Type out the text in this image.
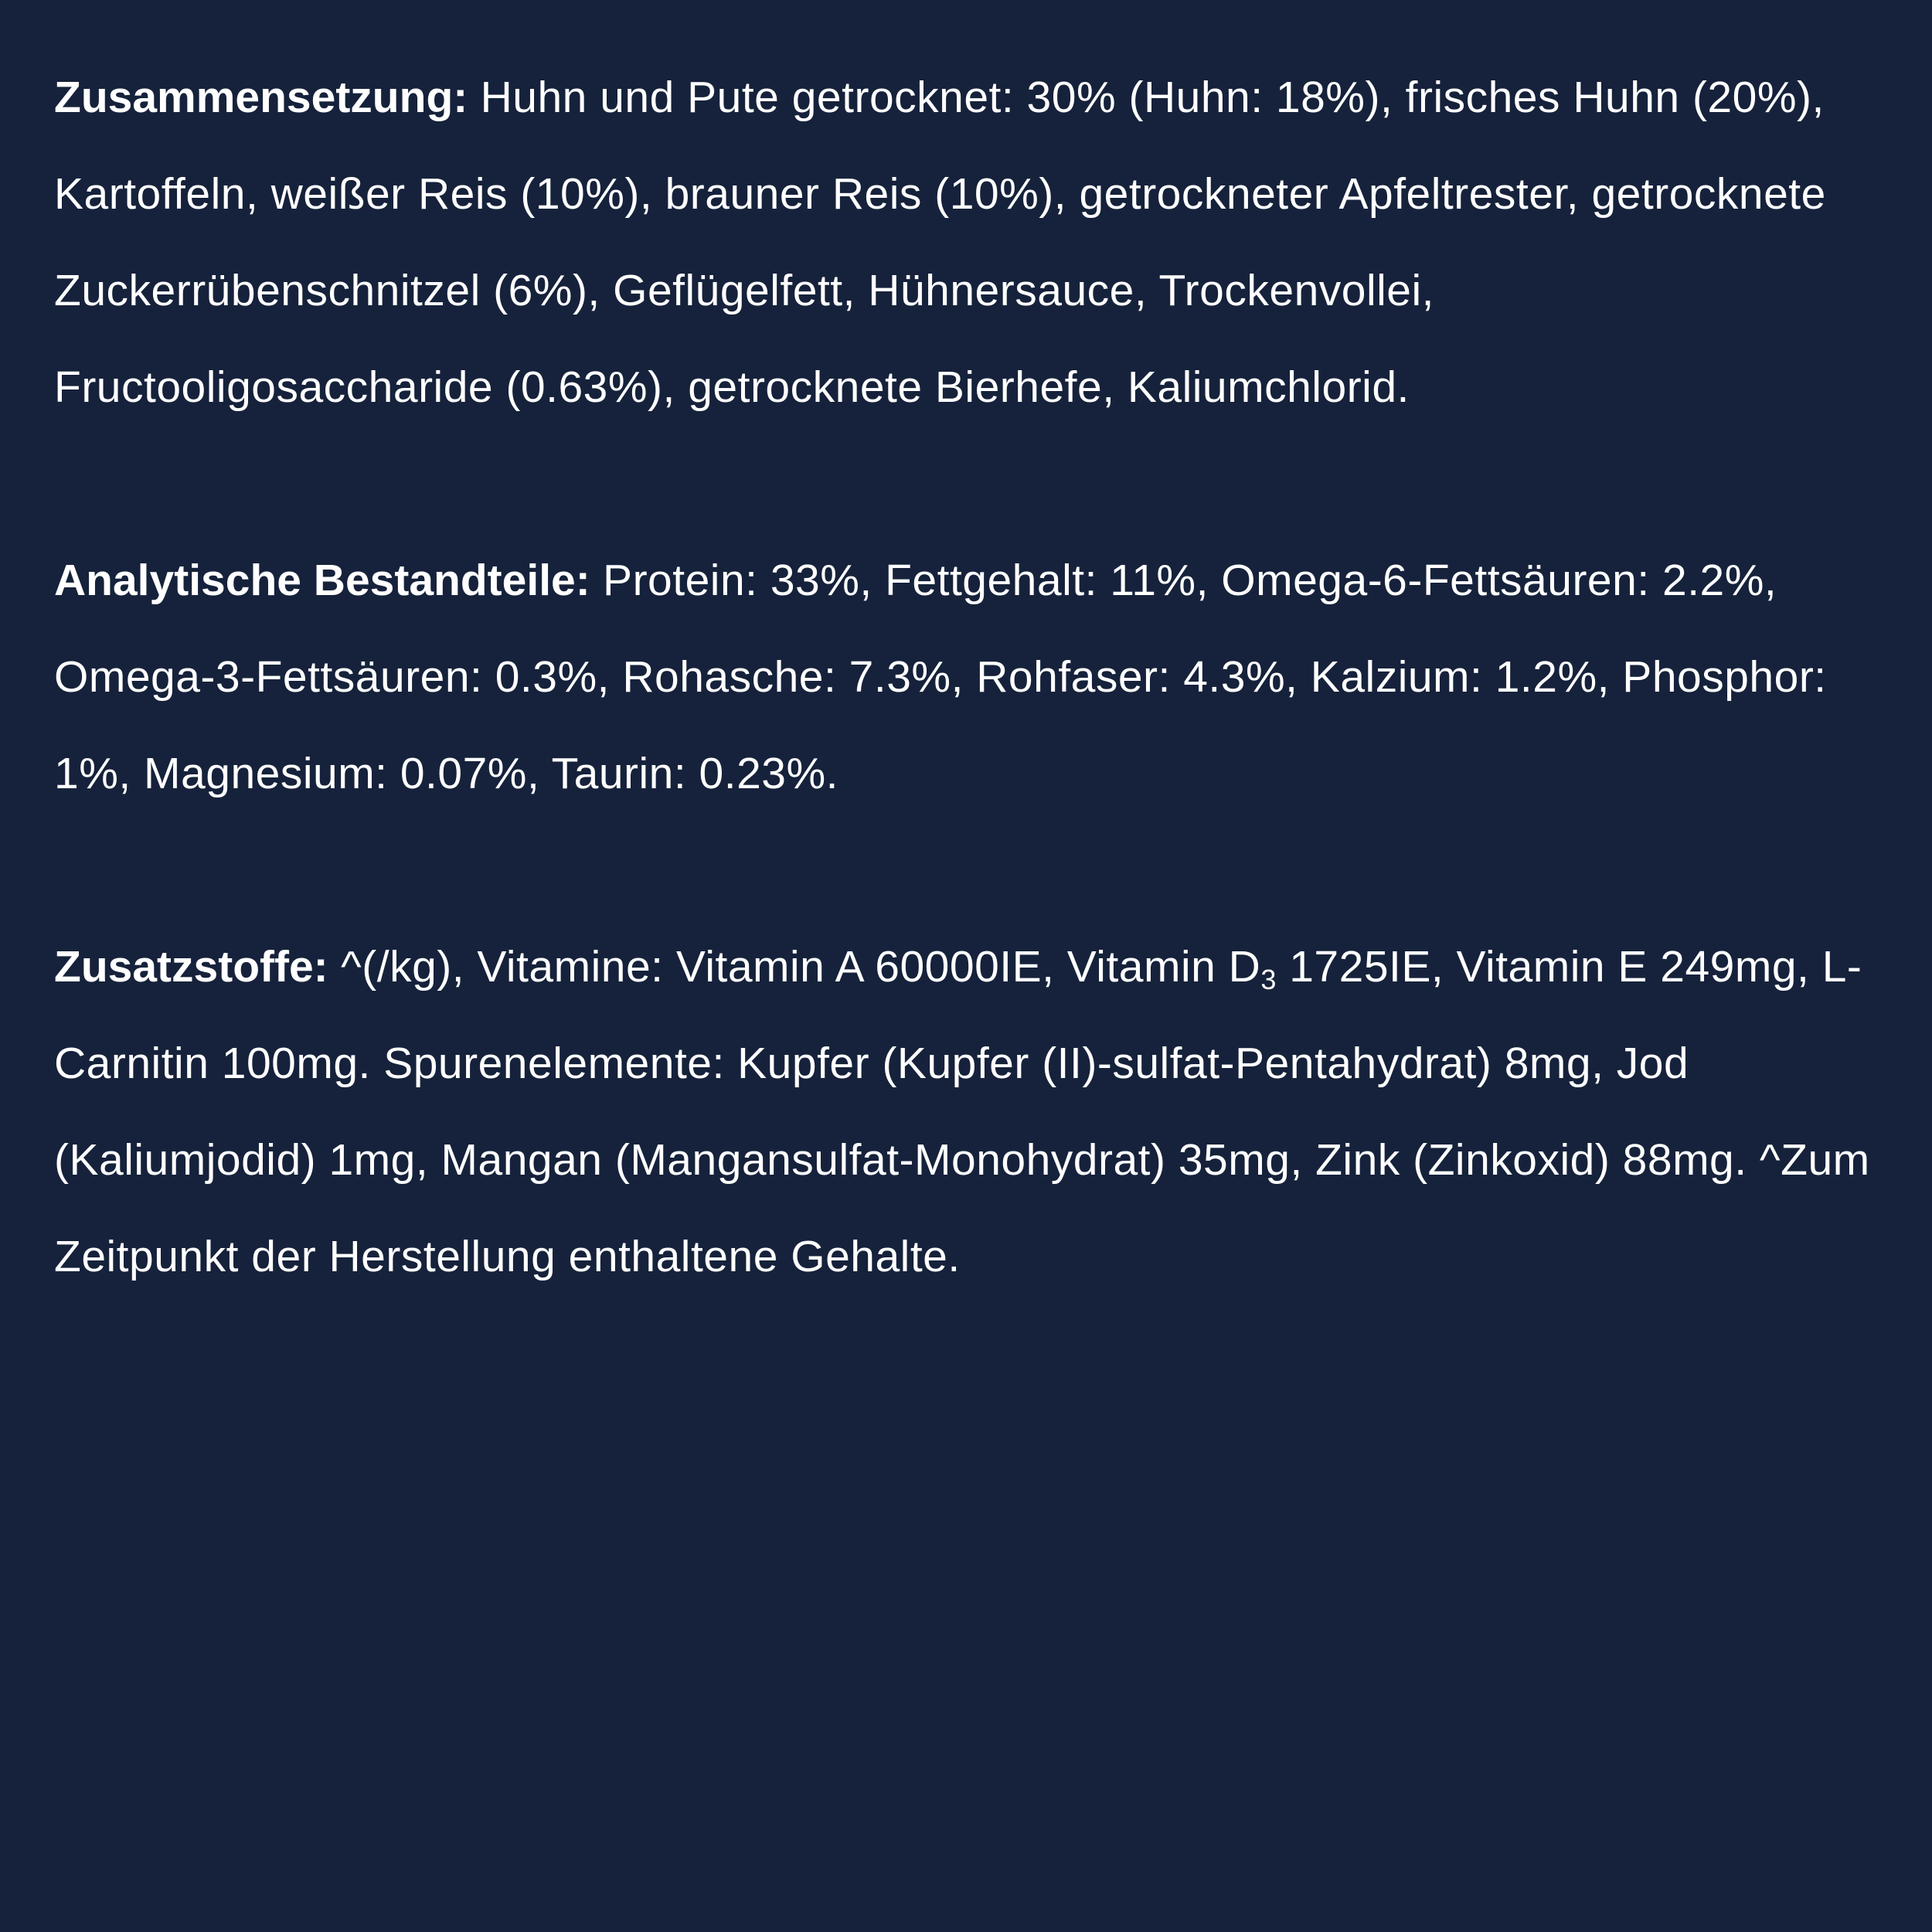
Zusammensetzung: Huhn und Pute getrocknet: 30% (Huhn: 18%), frisches Huhn (20%), Kartoffeln, weißer Reis (10%), brauner Reis (10%), getrockneter Apfeltrester, getrocknete Zuckerrübenschnitzel (6%), Geflügelfett, Hühnersauce, Trockenvollei, Fructooligosaccharide (0.63%), getrocknete Bierhefe, Kaliumchlorid.

Analytische Bestandteile: Protein: 33%, Fettgehalt: 11%, Omega-6-Fettsäuren: 2.2%, Omega-3-Fettsäuren: 0.3%, Rohasche: 7.3%, Rohfaser: 4.3%, Kalzium: 1.2%, Phosphor: 1%, Magnesium: 0.07%, Taurin: 0.23%.

Zusatzstoffe: ^(/kg), Vitamine: Vitamin A 60000IE, Vitamin $D_3$ 1725IE, Vitamin E 249mg, L-Carnitin 100mg. Spurenelemente: Kupfer (Kupfer (II)-sulfat-Pentahydrat) 8mg, Jod (Kaliumjodid) 1mg, Mangan (Mangansulfat-Monohydrat) 35mg, Zink (Zinkoxid) 88mg. ^Zum Zeitpunkt der Herstellung enthaltene Gehalte.
